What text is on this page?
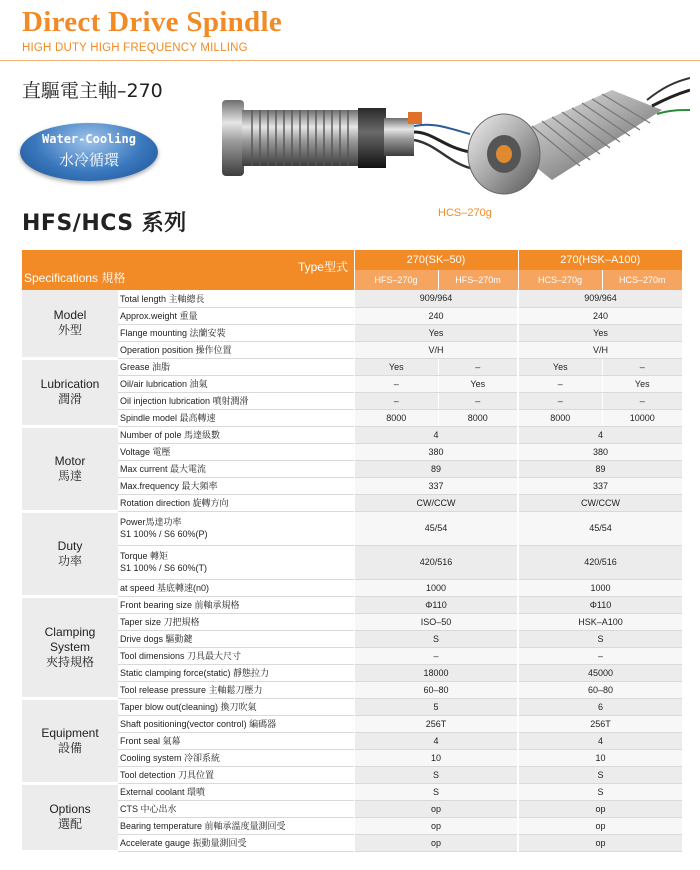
Direct Drive Spindle
HIGH DUTY HIGH FREQUENCY MILLING
直驅電主軸–270
Water-Cooling
水冷循環
HCS–270g
HFS/HCS 系列
Specifications 規格
Type型式		270(SK–50)		270(HSK–A100)	
		HFS–270g	HFS–270m	HCS–270g	HCS–270m

Model
外型	Total length 主軸總長		909/964		909/964	
	Approx.weight 重量		240		240	
	Flange mounting 法蘭安裝		Yes		Yes	
	Operation position 操作位置		V/H		V/H	

Lubrication
潤滑	Grease 油脂		Yes	–	Yes	–
	Oil/air lubrication 油氣		–	Yes	–	Yes
	Oil injection lubrication 噴射潤滑		–	–	–	–
	Spindle model 最高轉速		8000	8000	8000	10000

Motor
馬達	Number of pole 馬達級數		4		4	
	Voltage 電壓		380		380	
	Max current 最大電流		89		89	
	Max.frequency 最大頻率		337		337	
	Rotation direction 旋轉方向		CW/CCW		CW/CCW	

Duty
功率	Power馬達功率
S1 100% / S6 60%(P)		45/54		45/54	

	Torque 轉矩
S1 100% / S6 60%(T)		420/516		420/516	
	at speed 基底轉速(n0)		1000		1000	

Clamping
System
夾持規格	Front bearing size 前軸承規格		Φ110		Φ110	
	Taper size 刀把規格		ISO–50		HSK–A100	
	Drive dogs 驅動鍵		S		S	
	Tool dimensions 刀具最大尺寸		–		–	
	Static clamping force(static) 靜態拉力		18000		45000	
	Tool release pressure 主軸鬆刀壓力		60–80		60–80	

Equipment
設備	Taper blow out(cleaning) 換刀吹氣		5		6	
	Shaft positioning(vector control) 編碼器		256T		256T	
	Front seal 氣幕		4		4	
	Cooling system 冷卻系統		10		10	
	Tool detection 刀具位置		S		S	

Options
選配	External coolant 環噴		S		S	
	CTS 中心出水		op		op	
	Bearing temperature 前軸承溫度量測回受		op		op	
	Accelerate gauge 振動量測回受		op		op	
